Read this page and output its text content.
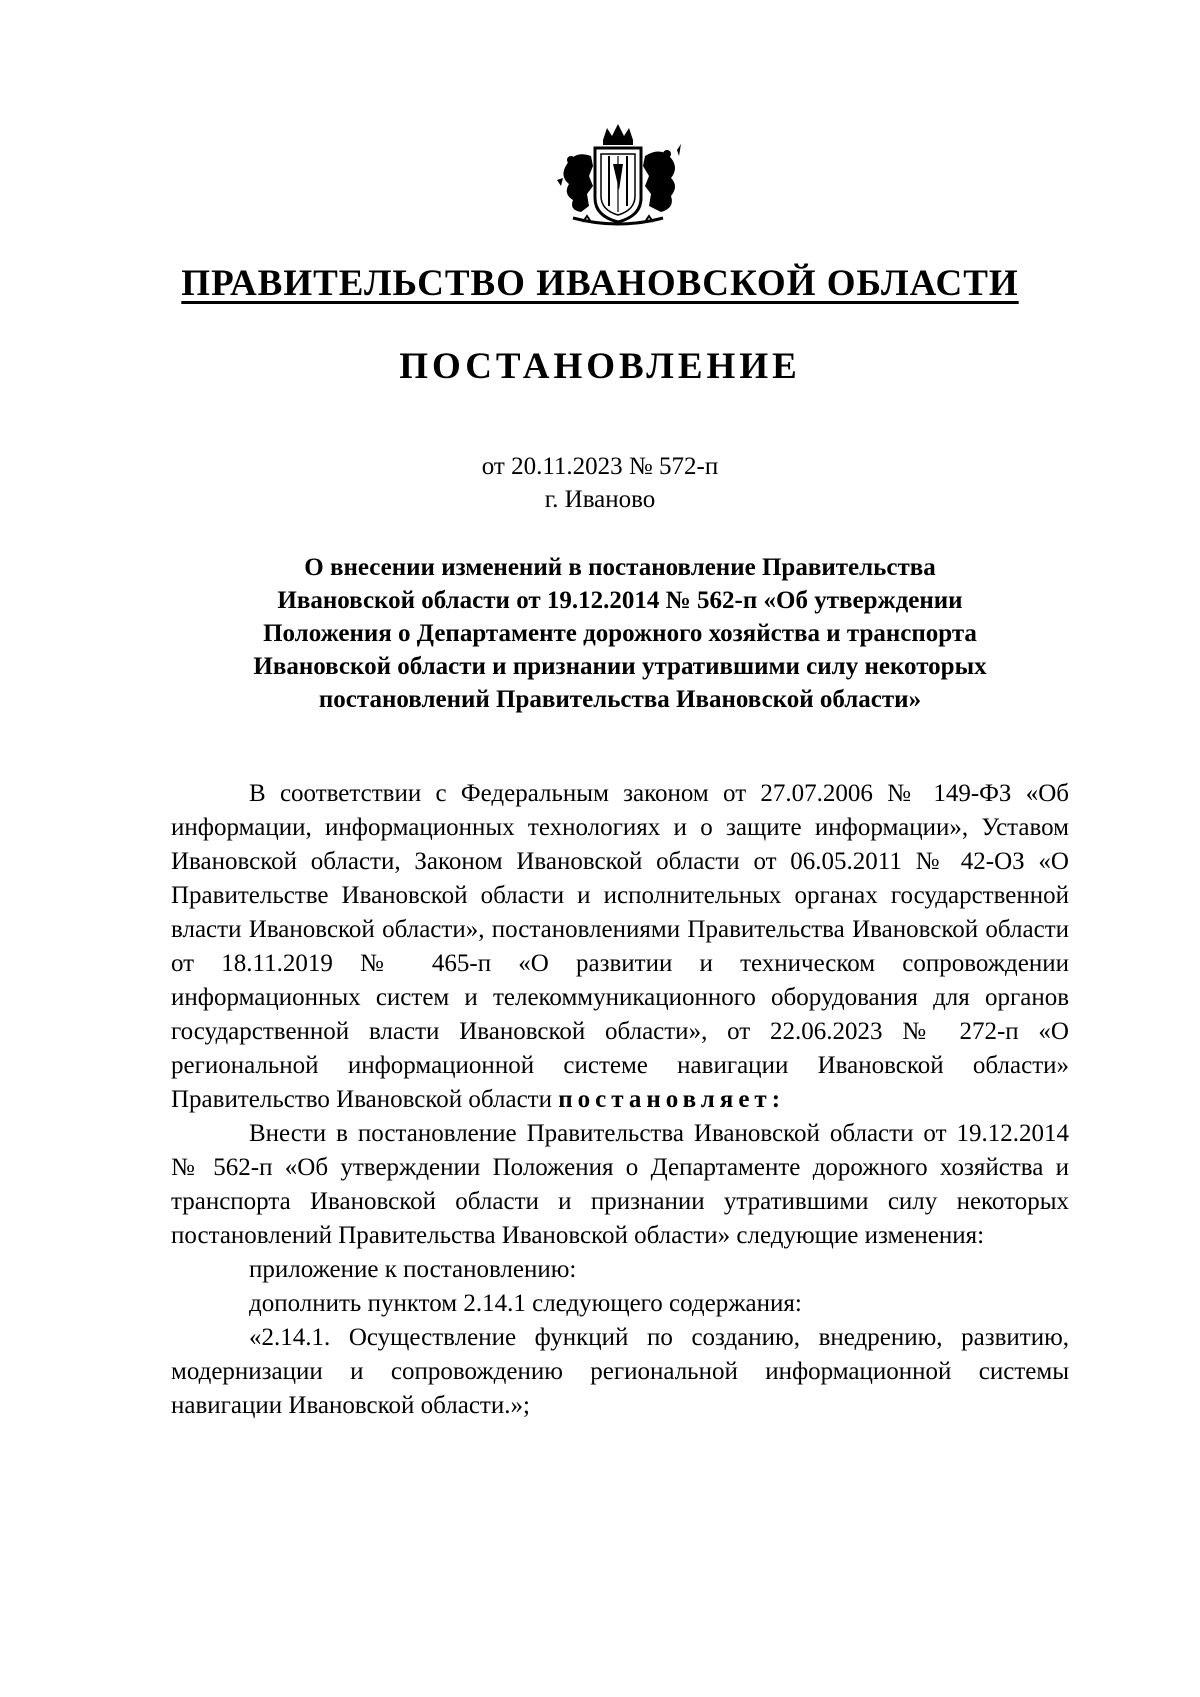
ПРАВИТЕЛЬСТВО ИВАНОВСКОЙ ОБЛАСТИ
ПОСТАНОВЛЕНИЕ
от 20.11.2023 № 572-п
г. Иваново
О внесении изменений в постановление Правительства
Ивановской области от 19.12.2014 № 562-п «Об утверждении
Положения о Департаменте дорожного хозяйства и транспорта
Ивановской области и признании утратившими силу некоторых
постановлений Правительства Ивановской области»

В соответствии с Федеральным законом от 27.07.2006 № 149-ФЗ «Об информации, информационных технологиях и о защите информации», Уставом Ивановской области, Законом Ивановской области от 06.05.2011 № 42-ОЗ «О Правительстве Ивановской области и исполнительных органах государственной власти Ивановской области», постановлениями Правительства Ивановской области от 18.11.2019 № 465-п «О развитии и техническом сопровождении информационных систем и телекоммуникационного оборудования для органов государственной власти Ивановской области», от 22.06.2023 № 272-п «О региональной информационной системе навигации Ивановской области» Правительство Ивановской области постановляет:

Внести в постановление Правительства Ивановской области от 19.12.2014 № 562-п «Об утверждении Положения о Департаменте дорожного хозяйства и транспорта Ивановской области и признании утратившими силу некоторых постановлений Правительства Ивановской области» следующие изменения:

приложение к постановлению:

дополнить пунктом 2.14.1 следующего содержания:

«2.14.1. Осуществление функций по созданию, внедрению, развитию, модернизации и сопровождению региональной информационной системы навигации Ивановской области.»;
